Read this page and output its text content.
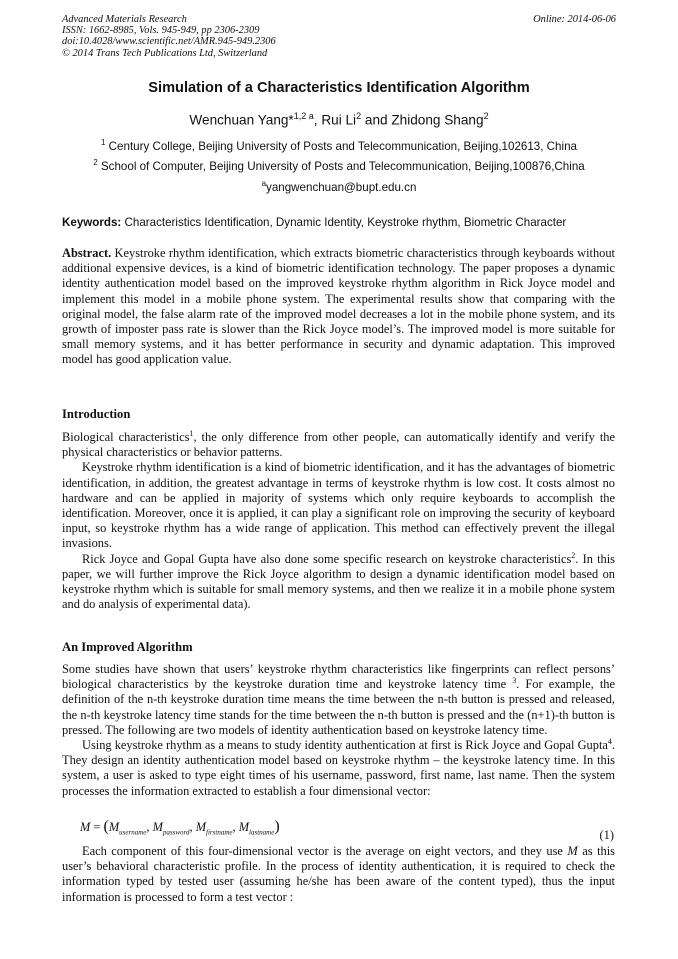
Advanced Materials Research
ISSN: 1662-8985, Vols. 945-949, pp 2306-2309
doi:10.4028/www.scientific.net/AMR.945-949.2306
© 2014 Trans Tech Publications Ltd, Switzerland
Online: 2014-06-06
Simulation of a Characteristics Identification Algorithm
Wenchuan Yang*$^{1,2 a}$, Rui Li$^2$ and Zhidong Shang$^2$
$^1$ Century College, Beijing University of Posts and Telecommunication, Beijing,102613, China
$^2$ School of Computer, Beijing University of Posts and Telecommunication, Beijing,100876,China
$^a$yangwenchuan@bupt.edu.cn
Keywords: Characteristics Identification, Dynamic Identity, Keystroke rhythm, Biometric Character

Abstract. Keystroke rhythm identification, which extracts biometric characteristics through keyboards without additional expensive devices, is a kind of biometric identification technology. The paper proposes a dynamic identity authentication model based on the improved keystroke rhythm algorithm in Rick Joyce model and implement this model in a mobile phone system. The experimental results show that comparing with the original model, the false alarm rate of the improved model decreases a lot in the mobile phone system, and its growth of imposter pass rate is slower than the Rick Joyce model’s. The improved model is more suitable for small memory systems, and it has better performance in security and dynamic adaptation. This improved model has good application value.

Introduction

Biological characteristics$^1$, the only difference from other people, can automatically identify and verify the physical characteristics or behavior patterns.

Keystroke rhythm identification is a kind of biometric identification, and it has the advantages of biometric identification, in addition, the greatest advantage in terms of keystroke rhythm is low cost. It costs almost no hardware and can be applied in majority of systems which only require keyboards to accomplish the identification. Moreover, once it is applied, it can play a significant role on improving the security of keyboard input, so keystroke rhythm has a wide range of application. This method can effectively prevent the illegal invasions.

Rick Joyce and Gopal Gupta have also done some specific research on keystroke characteristics$^2$. In this paper, we will further improve the Rick Joyce algorithm to design a dynamic identification model based on keystroke rhythm which is suitable for small memory systems, and then we realize it in a mobile phone system and do analysis of experimental data).

An Improved Algorithm

Some studies have shown that users’ keystroke rhythm characteristics like fingerprints can reflect persons’ biological characteristics by the keystroke duration time and keystroke latency time $^3$. For example, the definition of the n-th keystroke duration time means the time between the n-th button is pressed and released, the n-th keystroke latency time stands for the time between the n-th button is pressed and the (n+1)-th button is pressed. The following are two models of identity authentication based on keystroke latency time.

Using keystroke rhythm as a means to study identity authentication at first is Rick Joyce and Gopal Gupta$^4$. They design an identity authentication model based on keystroke rhythm – the keystroke latency time. In this system, a user is asked to type eight times of his username, password, first name, last name. Then the system processes the information extracted to establish a four dimensional vector:

$M = (M_{username}$, $M_{password}$, $M_{firstname}$, $M_{lastname}$)	(1)

Each component of this four-dimensional vector is the average on eight vectors, and they use M as this user’s behavioral characteristic profile. In the process of identity authentication, it is required to check the information typed by tested user (assuming he/she has been aware of the content typed), thus the input information is processed to form a test vector :
